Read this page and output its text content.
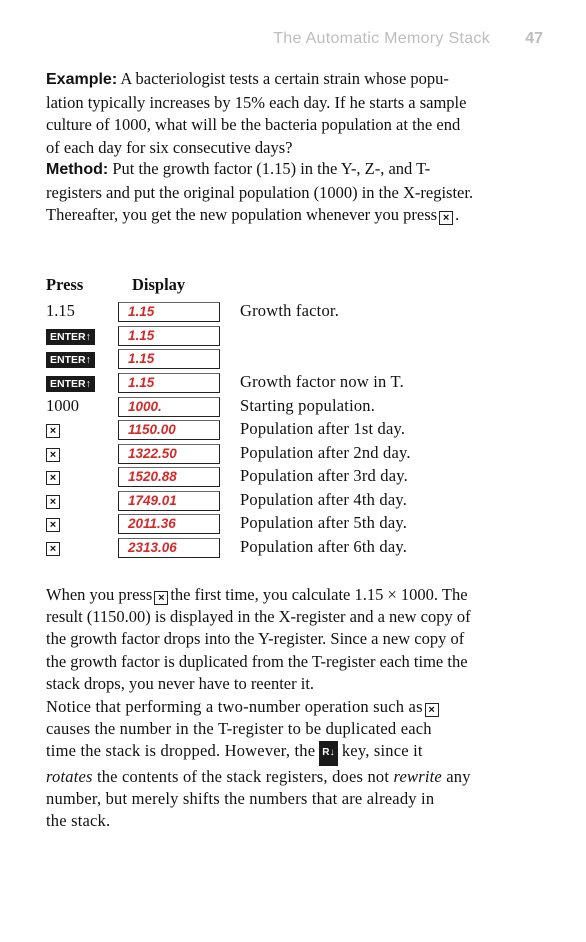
The Automatic Memory Stack 47
Example: A bacteriologist tests a certain strain whose popu-
lation typically increases by 15% each day. If he starts a sample
culture of 1000, what will be the bacteria population at the end
of each day for six consecutive days?
Method: Put the growth factor (1.15) in the Y-, Z-, and T-
registers and put the original population (1000) in the X-register.
Thereafter, you get the new population whenever you press × .
Press	Display
1.15	1.15	Growth factor.
ENTER↑	1.15
ENTER↑	1.15
ENTER↑	1.15	Growth factor now in T.
1000	1000.	Starting population.
×	1150.00	Population after 1st day.
×	1322.50	Population after 2nd day.
×	1520.88	Population after 3rd day.
×	1749.01	Population after 4th day.
×	2011.36	Population after 5th day.
×	2313.06	Population after 6th day.
When you press × the first time, you calculate 1.15 × 1000. The
result (1150.00) is displayed in the X-register and a new copy of
the growth factor drops into the Y-register. Since a new copy of
the growth factor is duplicated from the T-register each time the
stack drops, you never have to reenter it.
Notice that performing a two-number operation such as ×
causes the number in the T-register to be duplicated each
time the stack is dropped. However, the R↓ key, since it
rotates the contents of the stack registers, does not rewrite any
number, but merely shifts the numbers that are already in
the stack.
